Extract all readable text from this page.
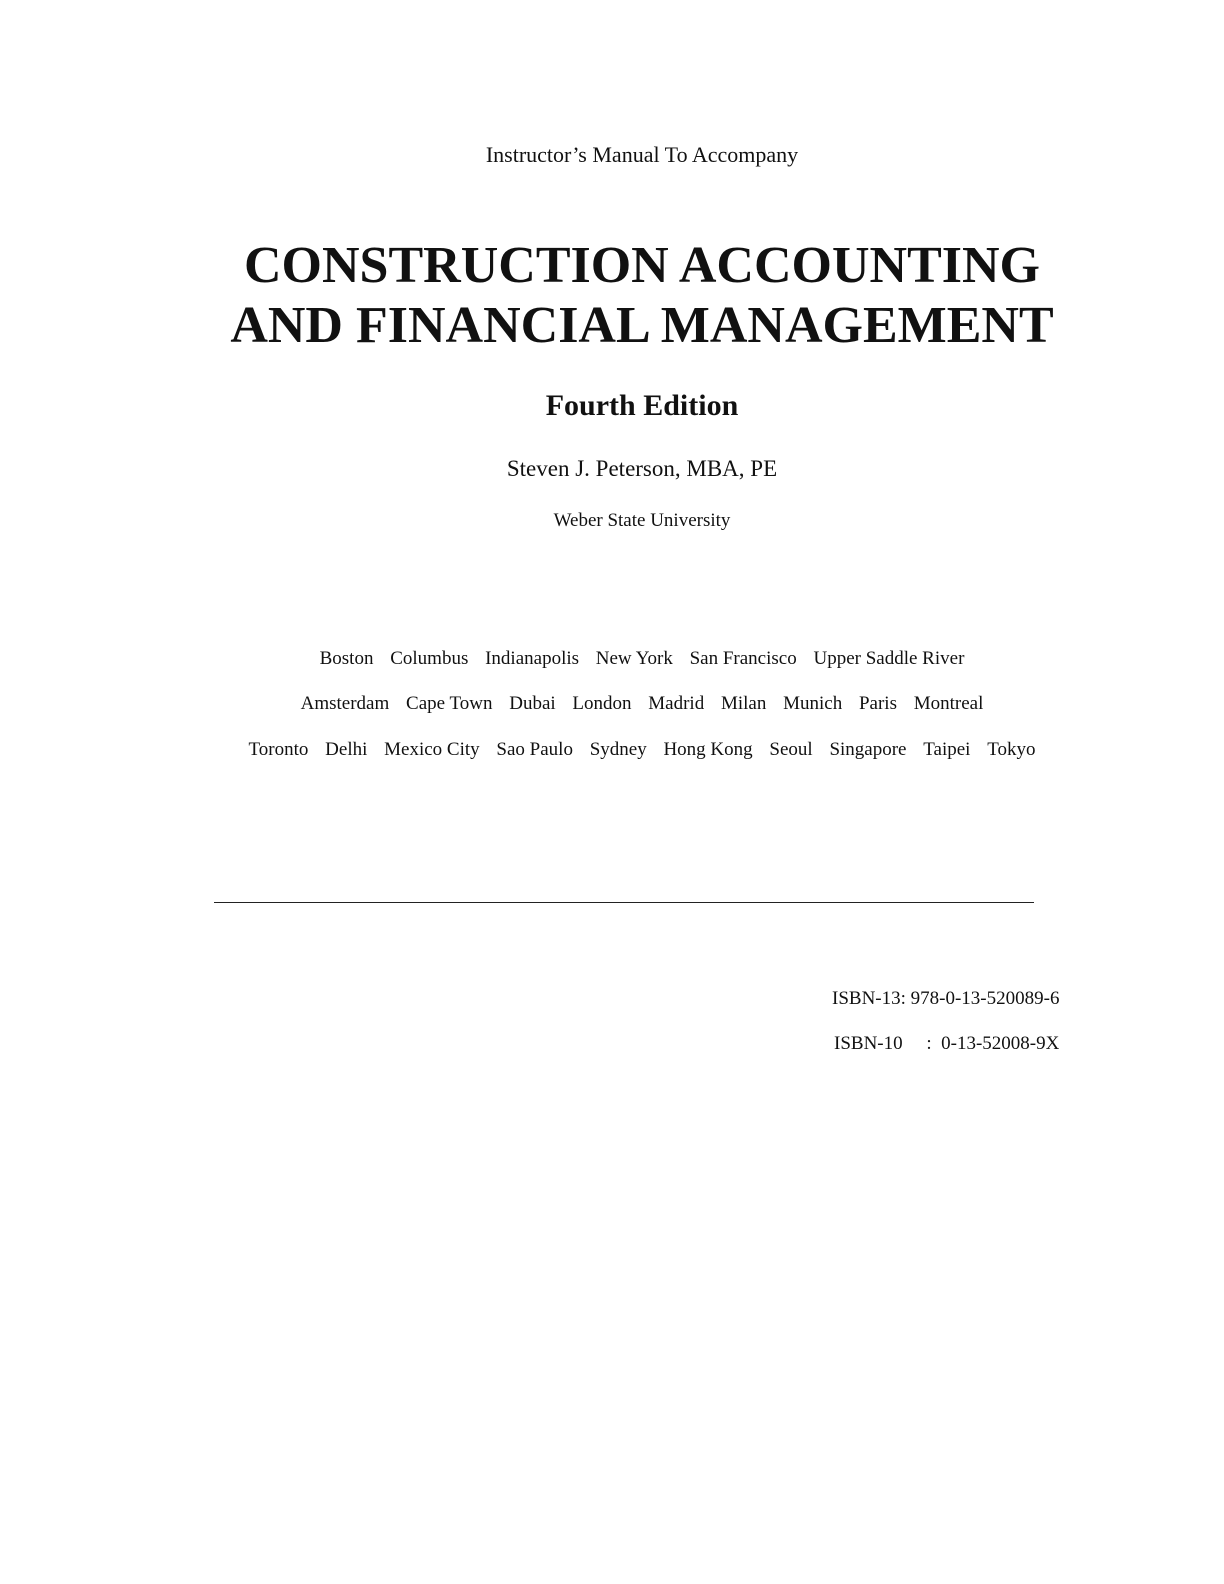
Instructor’s Manual To Accompany
CONSTRUCTION ACCOUNTING
AND FINANCIAL MANAGEMENT
Fourth Edition
Steven J. Peterson, MBA, PE
Weber State University
Boston Columbus Indianapolis New York San Francisco Upper Saddle River
Amsterdam Cape Town Dubai London Madrid Milan Munich Paris Montreal
Toronto Delhi Mexico City Sao Paulo Sydney Hong Kong Seoul Singapore Taipei Tokyo
ISBN-13: 978-0-13-520089-6
ISBN-10     :  0-13-52008-9X
